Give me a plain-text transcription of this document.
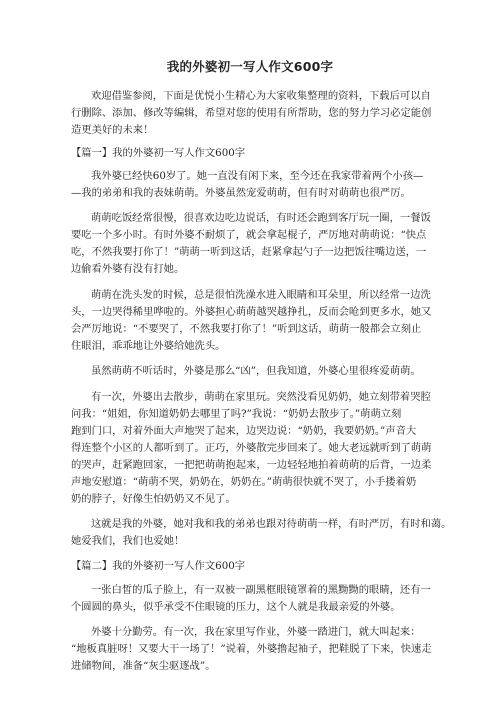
我的外婆初一写人作文600字
欢迎借鉴参阅，下面是优悦小生精心为大家收集整理的资料，下载后可以自
行删除、添加、修改等编辑，希望对您的使用有所帮助，您的努力学习必定能创
造更美好的未来！
【篇一】我的外婆初一写人作文600字
我外婆已经快60岁了。她一直没有闲下来，至今还在我家带着两个小孩—
—我的弟弟和我的表妹萌萌。外婆虽然宠爱萌萌，但有时对萌萌也很严厉。
萌萌吃饭经常很慢，很喜欢边吃边说话，有时还会跑到客厅玩一圈，一餐饭
要吃一个多小时。有时外婆不耐烦了，就会拿起棍子，严厉地对萌萌说：“快点
吃，不然我要打你了！”萌萌一听到这话，赶紧拿起勺子一边把饭往嘴边送，一
边偷看外婆有没有打她。
萌萌在洗头发的时候，总是很怕洗澡水进入眼睛和耳朵里，所以经常一边洗
头，一边哭得稀里哗啦的。外婆担心萌萌越哭越挣扎，反而会呛到更多水，她又
会严厉地说：“不要哭了，不然我要打你了！”听到这话，萌萌一般都会立刻止
住眼泪，乖乖地让外婆给她洗头。
虽然萌萌不听话时，外婆是那么“凶”，但我知道，外婆心里很疼爱萌萌。
有一次，外婆出去散步，萌萌在家里玩。突然没看见奶奶，她立刻带着哭腔
问我：“姐姐，你知道奶奶去哪里了吗?”我说：“奶奶去散步了。”萌萌立刻
跑到门口，对着外面大声地哭了起来，边哭边说：“奶奶，我要奶奶。”声音大
得连整个小区的人都听到了。正巧，外婆散完步回来了。她大老远就听到了萌萌
的哭声，赶紧跑回家，一把把萌萌抱起来，一边轻轻地拍着萌萌的后背，一边柔
声地安慰道：“萌萌不哭，奶奶在，奶奶在。”萌萌很快就不哭了，小手搂着奶
奶的脖子，好像生怕奶奶又不见了。
这就是我的外婆，她对我和我的弟弟也跟对待萌萌一样，有时严厉，有时和蔼。
她爱我们，我们也爱她！
【篇二】我的外婆初一写人作文600字
一张白皙的瓜子脸上，有一双被一副黑框眼镜罩着的黑黝黝的眼睛，还有一
个圆圆的鼻头，似乎承受不住眼镜的压力，这个人就是我最亲爱的外婆。
外婆十分勤劳。有一次，我在家里写作业，外婆一踏进门，就大叫起来：
“地板真脏呀！又要大干一场了！”说着，外婆撸起袖子，把鞋脱了下来，快速走
进储物间，准备“灰尘驱逐战”。
